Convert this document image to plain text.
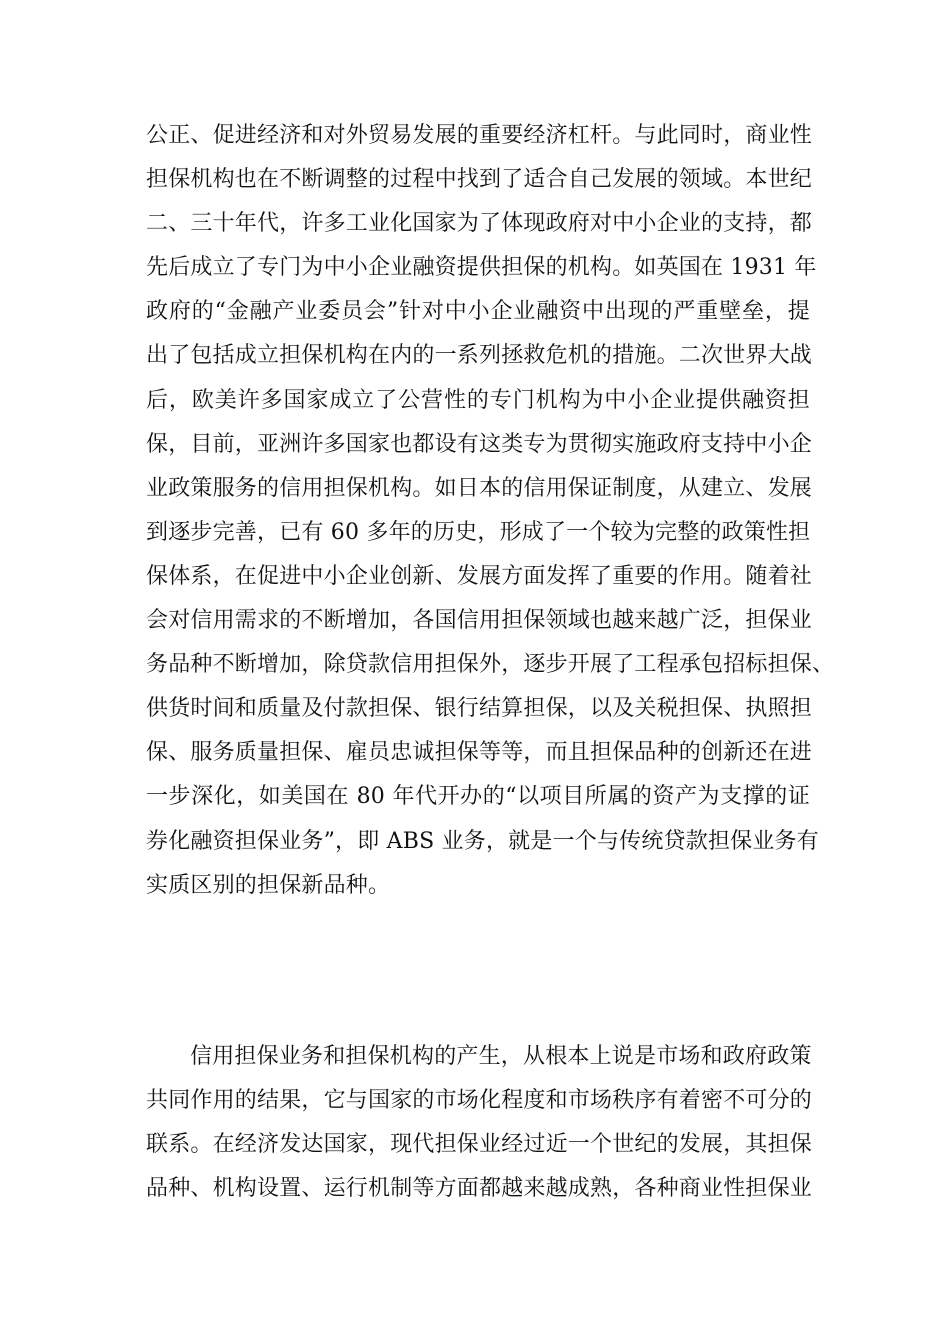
公正、促进经济和对外贸易发展的重要经济杠杆。与此同时，商业性
担保机构也在不断调整的过程中找到了适合自己发展的领域。本世纪
二、三十年代，许多工业化国家为了体现政府对中小企业的支持，都
先后成立了专门为中小企业融资提供担保的机构。如英国在 1931 年
政府的“金融产业委员会”针对中小企业融资中出现的严重壁垒，提
出了包括成立担保机构在内的一系列拯救危机的措施。二次世界大战
后，欧美许多国家成立了公营性的专门机构为中小企业提供融资担
保，目前，亚洲许多国家也都设有这类专为贯彻实施政府支持中小企
业政策服务的信用担保机构。如日本的信用保证制度，从建立、发展
到逐步完善，已有 60 多年的历史，形成了一个较为完整的政策性担
保体系，在促进中小企业创新、发展方面发挥了重要的作用。随着社
会对信用需求的不断增加，各国信用担保领域也越来越广泛，担保业
务品种不断增加，除贷款信用担保外，逐步开展了工程承包招标担保、
供货时间和质量及付款担保、银行结算担保，以及关税担保、执照担
保、服务质量担保、雇员忠诚担保等等，而且担保品种的创新还在进
一步深化，如美国在 80 年代开办的“以项目所属的资产为支撑的证
券化融资担保业务”，即 ABS 业务，就是一个与传统贷款担保业务有
实质区别的担保新品种。
信用担保业务和担保机构的产生，从根本上说是市场和政府政策
共同作用的结果，它与国家的市场化程度和市场秩序有着密不可分的
联系。在经济发达国家，现代担保业经过近一个世纪的发展，其担保
品种、机构设置、运行机制等方面都越来越成熟，各种商业性担保业
